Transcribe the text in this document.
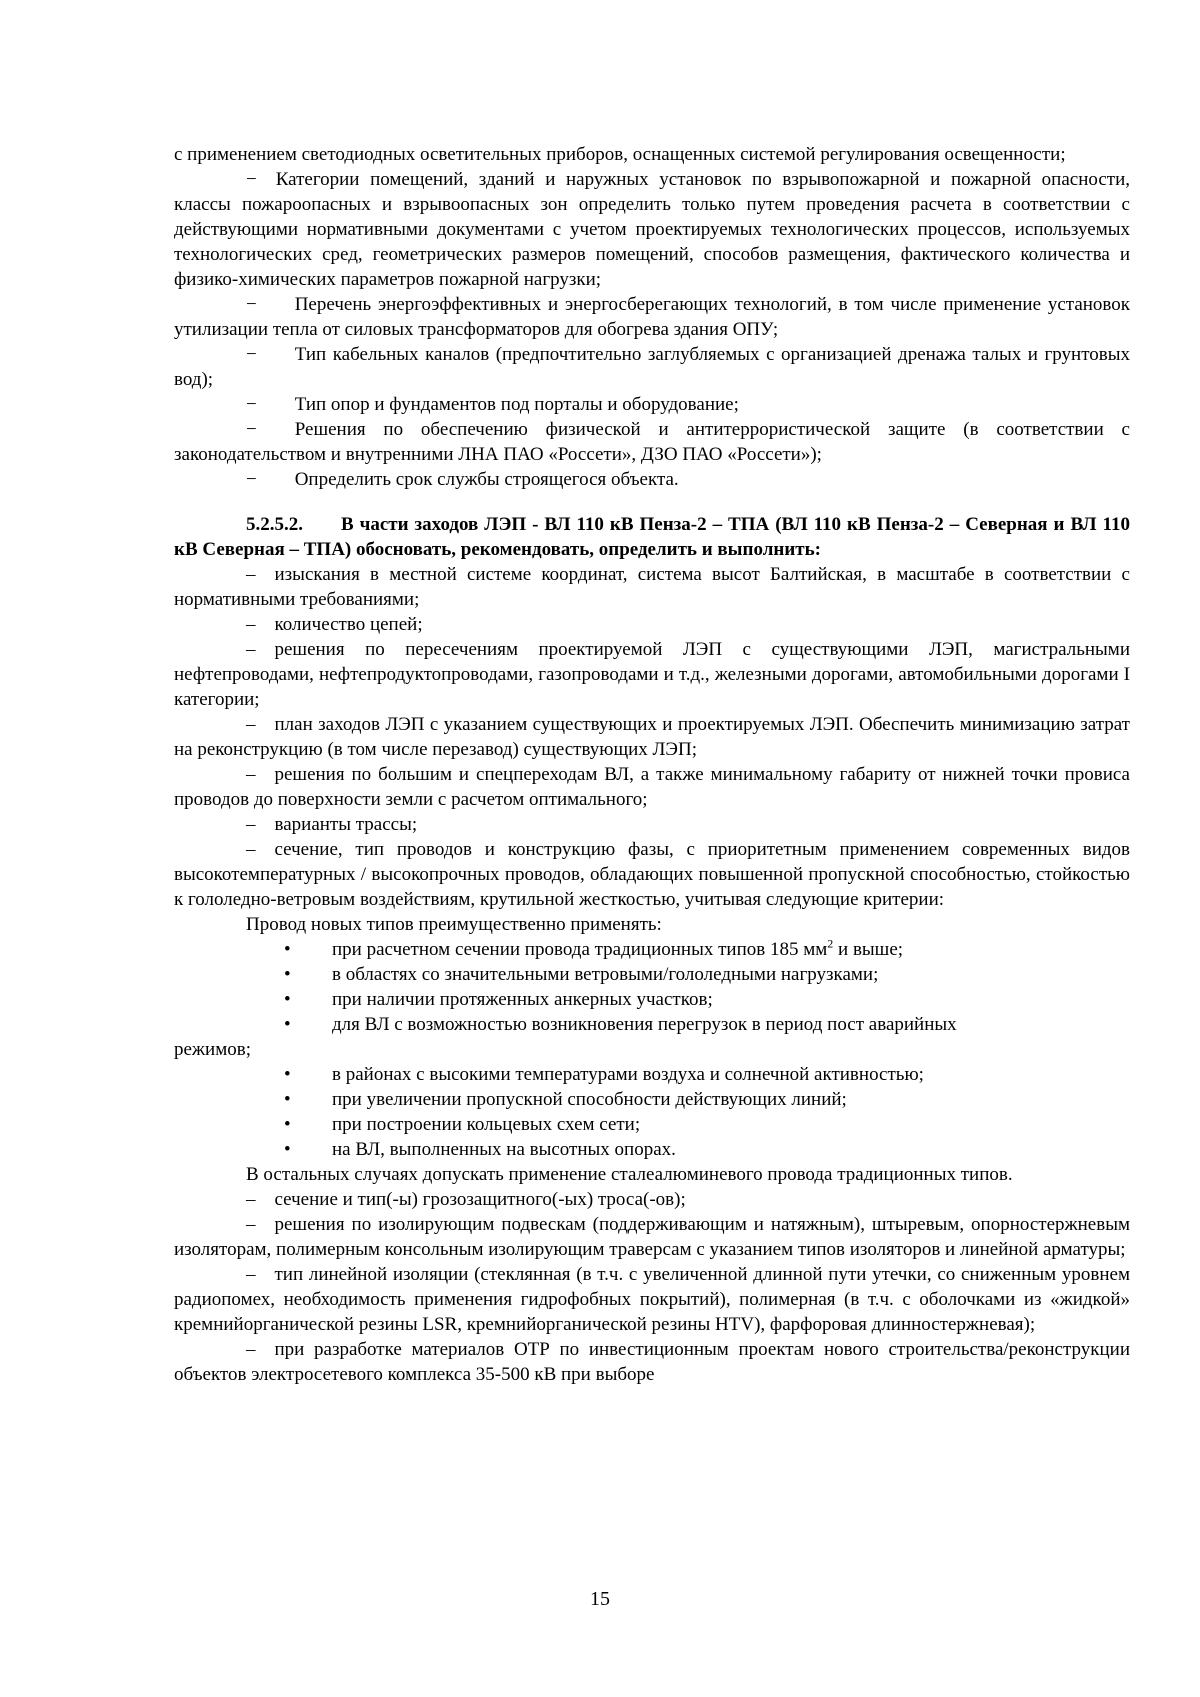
с применением светодиодных осветительных приборов, оснащенных системой регулирования освещенности;

− Категории помещений, зданий и наружных установок по взрывопожарной и пожарной опасности, классы пожароопасных и взрывоопасных зон определить только путем проведения расчета в соответствии с действующими нормативными документами с учетом проектируемых технологических процессов, используемых технологических сред, геометрических размеров помещений, способов размещения, фактического количества и физико-химических параметров пожарной нагрузки;

−  Перечень энергоэффективных и энергосберегающих технологий, в том числе применение установок утилизации тепла от силовых трансформаторов для обогрева здания ОПУ;

−  Тип кабельных каналов (предпочтительно заглубляемых с организацией дренажа талых и грунтовых вод);

−  Тип опор и фундаментов под порталы и оборудование;

−  Решения по обеспечению физической и антитеррористической защите (в соответствии с законодательством и внутренними ЛНА ПАО «Россети», ДЗО ПАО «Россети»);

−  Определить срок службы строящегося объекта.

5.2.5.2.  В части заходов ЛЭП - ВЛ 110 кВ Пенза-2 – ТПА (ВЛ 110 кВ Пенза-2 – Северная и ВЛ 110 кВ Северная – ТПА) обосновать, рекомендовать, определить и выполнить:

– изыскания в местной системе координат, система высот Балтийская, в масштабе в соответствии с нормативными требованиями;

– количество цепей;

– решения по пересечениям проектируемой ЛЭП с существующими ЛЭП, магистральными нефтепроводами, нефтепродуктопроводами, газопроводами и т.д., железными дорогами, автомобильными дорогами I категории;

– план заходов ЛЭП с указанием существующих и проектируемых ЛЭП. Обеспечить минимизацию затрат на реконструкцию (в том числе перезавод) существующих ЛЭП;

– решения по большим и спецпереходам ВЛ, а также минимальному габариту от нижней точки провиса проводов до поверхности земли с расчетом оптимального;

– варианты трассы;

– сечение, тип проводов и конструкцию фазы, с приоритетным применением современных видов высокотемпературных / высокопрочных проводов, обладающих повышенной пропускной способностью, стойкостью к гололедно-ветровым воздействиям, крутильной жесткостью, учитывая следующие критерии:

Провод новых типов преимущественно применять:

• при расчетном сечении провода традиционных типов 185 $мм^2$ и выше;

• в областях со значительными ветровыми/гололедными нагрузками;

• при наличии протяженных анкерных участков;

• для ВЛ с возможностью возникновения перегрузок в период пост аварийных

режимов;

• в районах с высокими температурами воздуха и солнечной активностью;

• при увеличении пропускной способности действующих линий;

• при построении кольцевых схем сети;

• на ВЛ, выполненных на высотных опорах.

В остальных случаях допускать применение сталеалюминевого провода традиционных типов.

– сечение и тип(-ы) грозозащитного(-ых) троса(-ов);

– решения по изолирующим подвескам (поддерживающим и натяжным), штыревым, опорностержневым изоляторам, полимерным консольным изолирующим траверсам с указанием типов изоляторов и линейной арматуры;

– тип линейной изоляции (стеклянная (в т.ч. с увеличенной длинной пути утечки, со сниженным уровнем радиопомех, необходимость применения гидрофобных покрытий), полимерная (в т.ч. с оболочками из «жидкой» кремнийорганической резины LSR, кремнийорганической резины HTV), фарфоровая длинностержневая);

– при разработке материалов ОТР по инвестиционным проектам нового строительства/реконструкции объектов электросетевого комплекса 35-500 кВ при выборе

15
